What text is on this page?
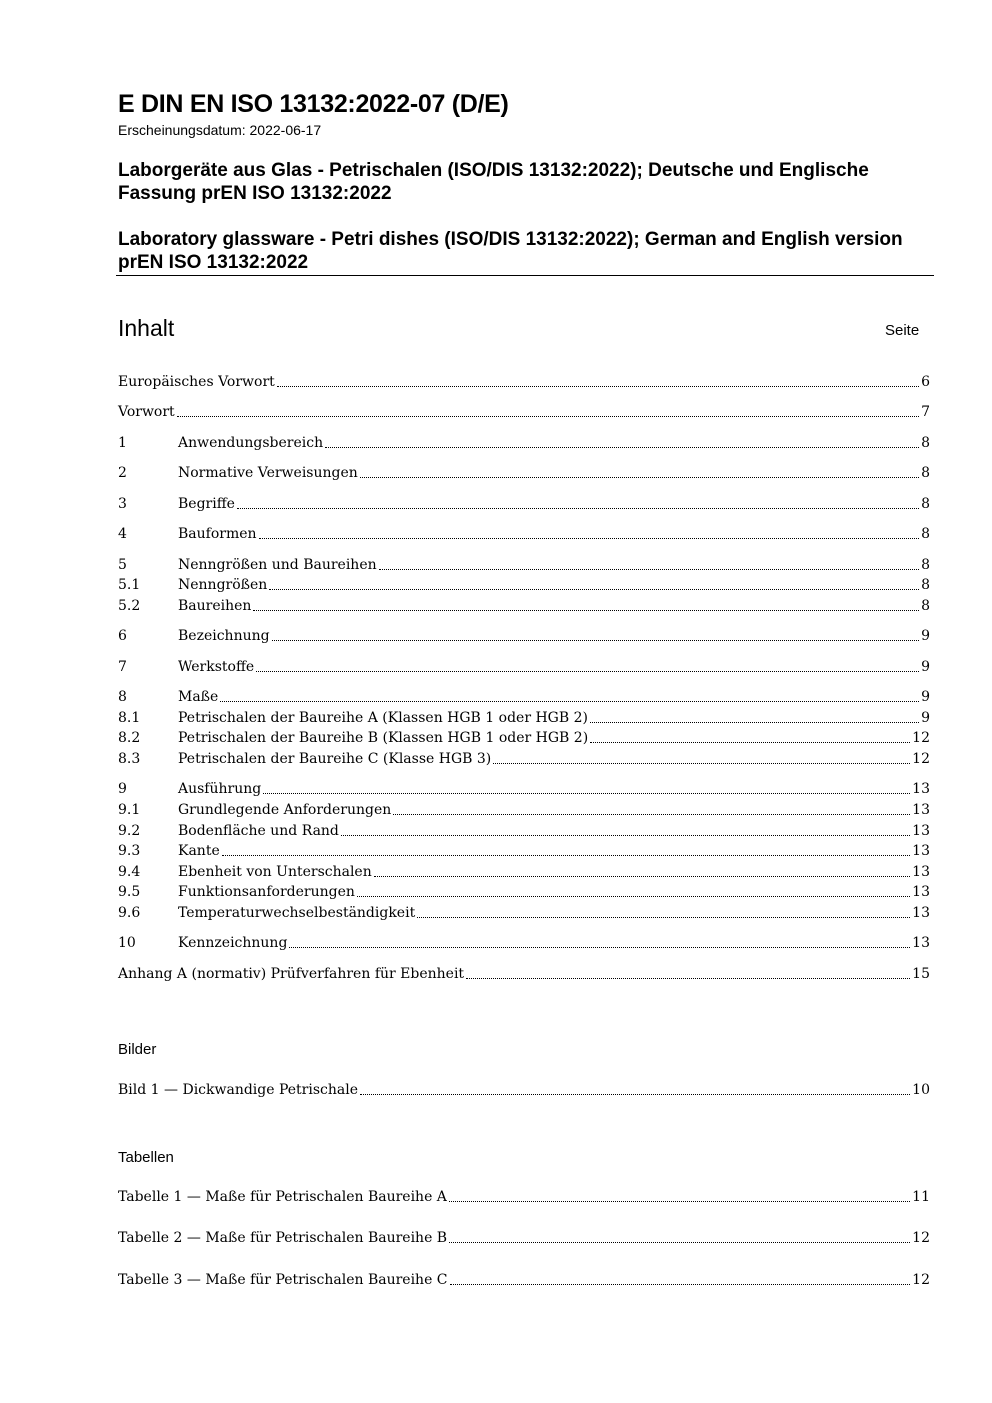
E DIN EN ISO 13132:2022-07 (D/E)
Erscheinungsdatum: 2022-06-17
Laborgeräte aus Glas - Petrischalen (ISO/DIS 13132:2022); Deutsche und Englische Fassung prEN ISO 13132:2022
Laboratory glassware - Petri dishes (ISO/DIS 13132:2022); German and English version prEN ISO 13132:2022
Inhalt	Seite
Europäisches Vorwort	6
Vorwort	7
1	Anwendungsbereich	8
2	Normative Verweisungen	8
3	Begriffe	8
4	Bauformen	8
5	Nenngrößen und Baureihen	8
5.1	Nenngrößen	8
5.2	Baureihen	8
6	Bezeichnung	9
7	Werkstoffe	9
8	Maße	9
8.1	Petrischalen der Baureihe A (Klassen HGB 1 oder HGB 2)	9
8.2	Petrischalen der Baureihe B (Klassen HGB 1 oder HGB 2)	12
8.3	Petrischalen der Baureihe C (Klasse HGB 3)	12
9	Ausführung	13
9.1	Grundlegende Anforderungen	13
9.2	Bodenfläche und Rand	13
9.3	Kante	13
9.4	Ebenheit von Unterschalen	13
9.5	Funktionsanforderungen	13
9.6	Temperaturwechselbeständigkeit	13
10	Kennzeichnung	13
Anhang A (normativ) Prüfverfahren für Ebenheit	15
Bilder
Bild 1 — Dickwandige Petrischale	10
Tabellen
Tabelle 1 — Maße für Petrischalen Baureihe A	11
Tabelle 2 — Maße für Petrischalen Baureihe B	12
Tabelle 3 — Maße für Petrischalen Baureihe C	12
